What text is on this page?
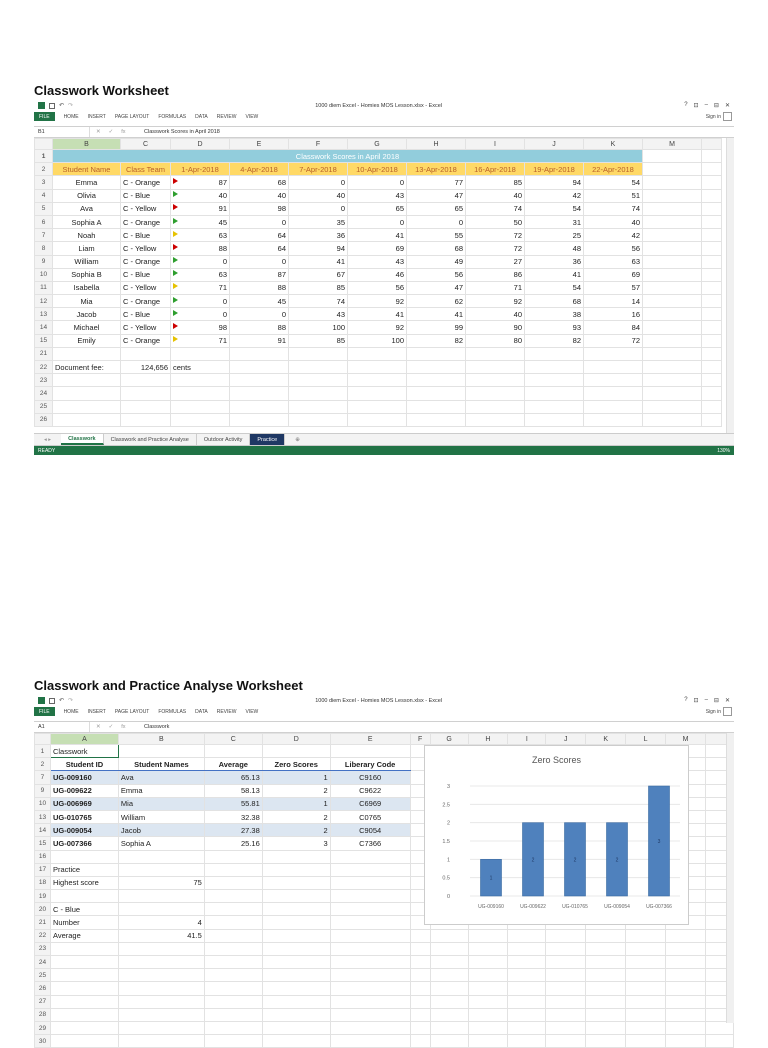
Classwork Worksheet
↶ ↷	1000 diem Excel - Homies MOS Lesson.xlsx - Excel	? ⊡ – ⊟ ✕
FILE	HOME INSERT PAGE LAYOUT FORMULAS DATA REVIEW VIEW	Sign in
B1	✕ ✓ fx	Classwork Scores in April 2018
	B	C	D	E	F	G	H	I	J	K	M	
1	Classwork Scores in April 2018											
2	Student Name	Class Team	1-Apr-2018	4-Apr-2018	7-Apr-2018	10-Apr-2018	13-Apr-2018	16-Apr-2018	19-Apr-2018	22-Apr-2018		
3	Emma	C - Orange	87	68	0	0	77	85	94	54		
4	Olivia	C - Blue	40	40	40	43	47	40	42	51		
5	Ava	C - Yellow	91	98	0	65	65	74	54	74		
6	Sophia A	C - Orange	45	0	35	0	0	50	31	40		
7	Noah	C - Blue	63	64	36	41	55	72	25	42		
8	Liam	C - Yellow	88	64	94	69	68	72	48	56		
9	William	C - Orange	0	0	41	43	49	27	36	63		
10	Sophia B	C - Blue	63	87	67	46	56	86	41	69		
11	Isabella	C - Yellow	71	88	85	56	47	71	54	57		
12	Mia	C - Orange	0	45	74	92	62	92	68	14		
13	Jacob	C - Blue	0	0	43	41	41	40	38	16		
14	Michael	C - Yellow	98	88	100	92	99	90	93	84		
15	Emily	C - Orange	71	91	85	100	82	80	82	72		
21												
22	Document fee:	124,656	cents									
23												
24												
25												
26												
◂ ▸	Classwork	Classwork and Practice Analyse	Outdoor Activity	Practice	⊕
READY	130%
Classwork and Practice Analyse Worksheet
↶ ↷	1000 diem Excel - Homies MOS Lesson.xlsx - Excel	? ⊡ – ⊟ ✕
FILE	HOME INSERT PAGE LAYOUT FORMULAS DATA REVIEW VIEW	Sign in
A1	✕ ✓ fx	Classwork
	A	B	C	D	E	F	G	H	I	J	K	L	M	
1	Classwork													
2	Student ID	Student Names	Average	Zero Scores	Liberary Code									
7	UG-009160	Ava	65.13	1	C9160									
9	UG-009622	Emma	58.13	2	C9622									
10	UG-006969	Mia	55.81	1	C6969									
13	UG-010765	William	32.38	2	C0765									
14	UG-009054	Jacob	27.38	2	C9054									
15	UG-007366	Sophia A	25.16	3	C7366									
16														
17	Practice													
18	Highest score	75												
19														
20	C - Blue													
21	Number	4												
22	Average	41.5												
23														
24														
25														
26														
27														
28														
29														
30														
Zero Scores
0
0.5
1
1.5
2
2.5
3
1
UG-009160
2
UG-009622
2
UG-010765
2
UG-009054
3
UG-007366
